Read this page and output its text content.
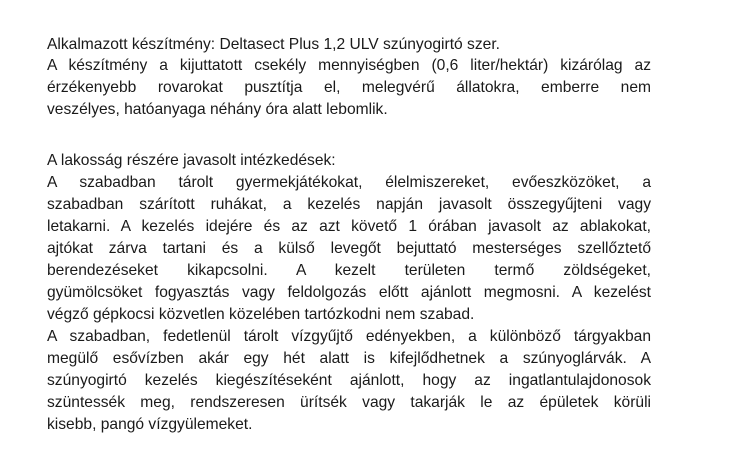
Alkalmazott készítmény: Deltasect Plus 1,2 ULV szúnyogirtó szer.

A készítmény a kijuttatott csekély mennyiségben (0,6 liter/hektár) kizárólag az

érzékenyebb rovarokat pusztítja el, melegvérű állatokra, emberre nem

veszélyes, hatóanyaga néhány óra alatt lebomlik.

A lakosság részére javasolt intézkedések:

A szabadban tárolt gyermekjátékokat, élelmiszereket, evőeszközöket, a

szabadban szárított ruhákat, a kezelés napján javasolt összegyűjteni vagy

letakarni. A kezelés idejére és az azt követő 1 órában javasolt az ablakokat,

ajtókat zárva tartani és a külső levegőt bejuttató mesterséges szellőztető

berendezéseket kikapcsolni. A kezelt területen termő zöldségeket,

gyümölcsöket fogyasztás vagy feldolgozás előtt ajánlott megmosni. A kezelést

végző gépkocsi közvetlen közelében tartózkodni nem szabad.

A szabadban, fedetlenül tárolt vízgyűjtő edényekben, a különböző tárgyakban

megülő esővízben akár egy hét alatt is kifejlődhetnek a szúnyoglárvák. A

szúnyogirtó kezelés kiegészítéseként ajánlott, hogy az ingatlantulajdonosok

szüntessék meg, rendszeresen ürítsék vagy takarják le az épületek körüli

kisebb, pangó vízgyülemeket.
